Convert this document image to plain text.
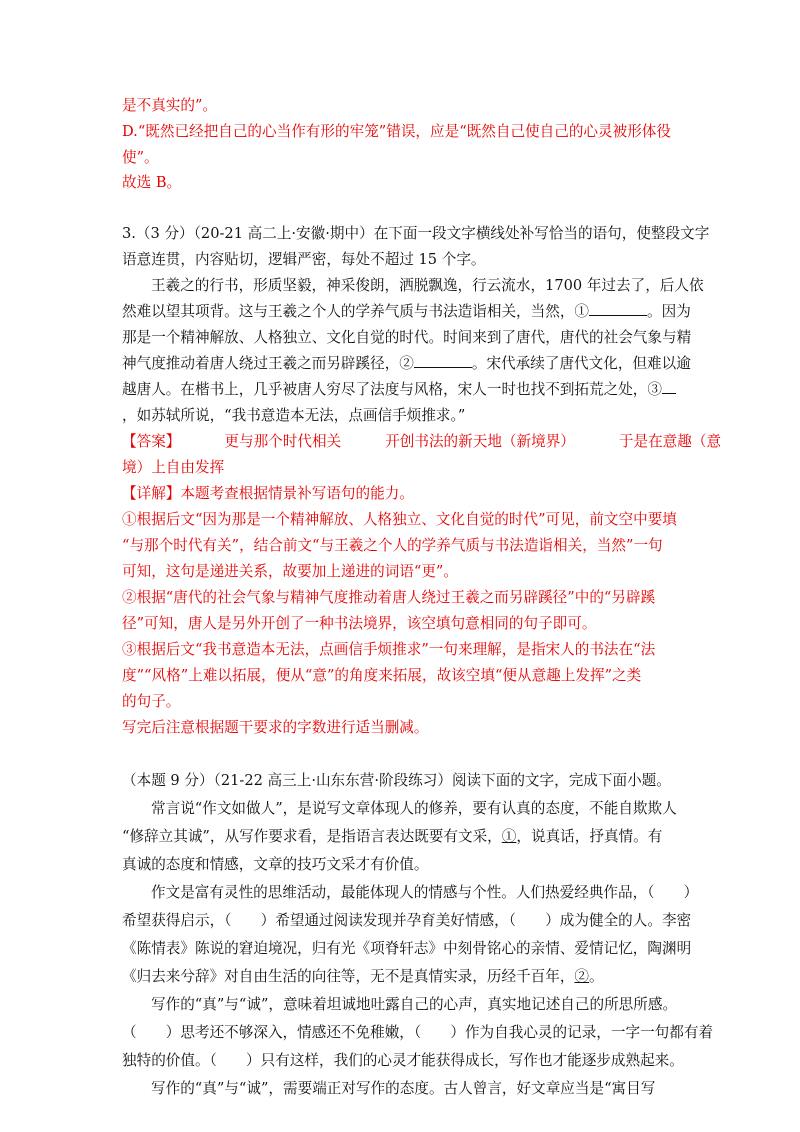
是不真实的”。
D.“既然已经把自己的心当作有形的牢笼”错误，应是“既然自己使自己的心灵被形体役
使”。
故选 B。
3.（3 分）（20-21 高二上·安徽·期中）在下面一段文字横线处补写恰当的语句，使整段文字
语意连贯，内容贴切，逻辑严密，每处不超过 15 个字。
王羲之的行书，形质坚毅，神采俊朗，洒脱飘逸，行云流水，1700 年过去了，后人依
然难以望其项背。这与王羲之个人的学养气质与书法造诣相关，当然，①	。因为
那是一个精神解放、人格独立、文化自觉的时代。时间来到了唐代，唐代的社会气象与精
神气度推动着唐人绕过王羲之而另辟蹊径，②	。宋代承续了唐代文化，但难以逾
越唐人。在楷书上，几乎被唐人穷尽了法度与风格，宋人一时也找不到拓荒之处，③
，如苏轼所说，“我书意造本无法，点画信手烦推求。”
【答案】	更与那个时代相关	开创书法的新天地（新境界）	于是在意趣（意
境）上自由发挥
【详解】本题考查根据情景补写语句的能力。
①根据后文“因为那是一个精神解放、人格独立、文化自觉的时代”可见，前文空中要填
“与那个时代有关”，结合前文“与王羲之个人的学养气质与书法造诣相关，当然”一句
可知，这句是递进关系，故要加上递进的词语“更”。
②根据“唐代的社会气象与精神气度推动着唐人绕过王羲之而另辟蹊径”中的“另辟蹊
径”可知，唐人是另外开创了一种书法境界，该空填句意相同的句子即可。
③根据后文“我书意造本无法，点画信手烦推求”一句来理解，是指宋人的书法在“法
度”“风格”上难以拓展，便从“意”的角度来拓展，故该空填“便从意趣上发挥”之类
的句子。
写完后注意根据题干要求的字数进行适当删减。
（本题 9 分）（21-22 高三上·山东东营·阶段练习）阅读下面的文字，完成下面小题。
常言说“作文如做人”，是说写文章体现人的修养，要有认真的态度，不能自欺欺人
“修辞立其诚”，从写作要求看，是指语言表达既要有文采，①，说真话，抒真情。有
真诚的态度和情感，文章的技巧文采才有价值。
作文是富有灵性的思维活动，最能体现人的情感与个性。人们热爱经典作品，（　　）
希望获得启示，（　　）希望通过阅读发现并孕育美好情感，（　　）成为健全的人。李密
《陈情表》陈说的窘迫境况，归有光《项脊轩志》中刻骨铭心的亲情、爱情记忆，陶渊明
《归去来兮辞》对自由生活的向往等，无不是真情实录，历经千百年，②。
写作的“真”与“诚”，意味着坦诚地吐露自己的心声，真实地记述自己的所思所感。
（　　）思考还不够深入，情感还不免稚嫩，（　　）作为自我心灵的记录，一字一句都有着
独特的价值。（　　）只有这样，我们的心灵才能获得成长，写作也才能逐步成熟起来。
写作的“真”与“诚”，需要端正对写作的态度。古人曾言，好文章应当是“寓目写
